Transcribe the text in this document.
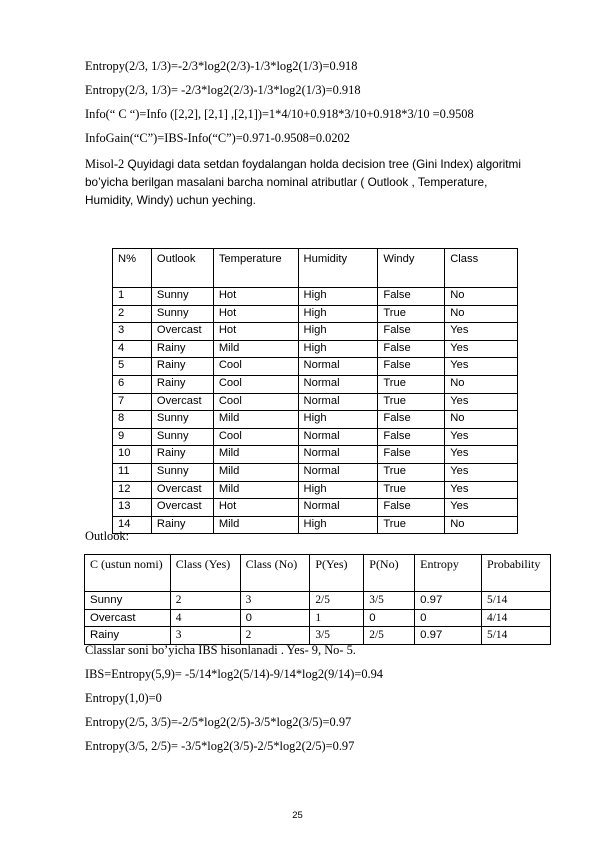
Entropy(2/3, 1/3)=-2/3*log2(2/3)-1/3*log2(1/3)=0.918
Entropy(2/3, 1/3)= -2/3*log2(2/3)-1/3*log2(1/3)=0.918
Info(“ C “)=Info ([2,2], [2,1] ,[2,1])=1*4/10+0.918*3/10+0.918*3/10 =0.9508
InfoGain(“C”)=IBS-Info(“C”)=0.971-0.9508=0.0202
Misol-2 Quyidagi data setdan foydalangan holda decision tree (Gini Index) algoritmi bo’yicha berilgan masalani barcha nominal atributlar ( Outlook , Temperature, Humidity, Windy) uchun yeching.
N%	Outlook	Temperature	Humidity	Windy	Class
1	Sunny	Hot	High	False	No
2	Sunny	Hot	High	True	No
3	Overcast	Hot	High	False	Yes
4	Rainy	Mild	High	False	Yes
5	Rainy	Cool	Normal	False	Yes
6	Rainy	Cool	Normal	True	No
7	Overcast	Cool	Normal	True	Yes
8	Sunny	Mild	High	False	No
9	Sunny	Cool	Normal	False	Yes
10	Rainy	Mild	Normal	False	Yes
11	Sunny	Mild	Normal	True	Yes
12	Overcast	Mild	High	True	Yes
13	Overcast	Hot	Normal	False	Yes
14	Rainy	Mild	High	True	No
Outlook:
C (ustun nomi)	Class (Yes)	Class (No)	P(Yes)	P(No)	Entropy	Probability
Sunny	2	3	2/5	3/5	0.97	5/14
Overcast	4	0	1	0	0	4/14
Rainy	3	2	3/5	2/5	0.97	5/14
Classlar soni bo’yicha IBS hisonlanadi . Yes- 9, No- 5.
IBS=Entropy(5,9)= -5/14*log2(5/14)-9/14*log2(9/14)=0.94
Entropy(1,0)=0
Entropy(2/5, 3/5)=-2/5*log2(2/5)-3/5*log2(3/5)=0.97
Entropy(3/5, 2/5)= -3/5*log2(3/5)-2/5*log2(2/5)=0.97
25
